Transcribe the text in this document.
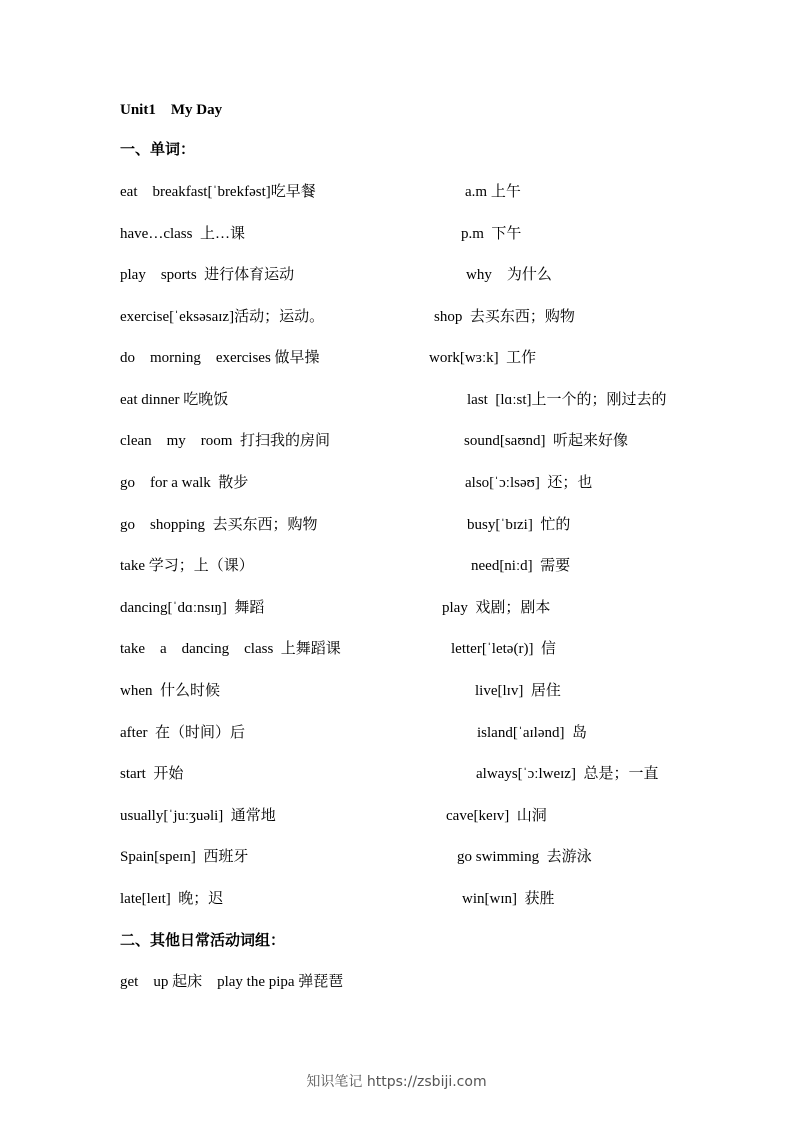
Unit1    My Day
一、单词：
eat    breakfast[ˈbrekfəst]吃早餐	a.m 上午
have…class  上…课	p.m  下午
play    sports  进行体育运动	why    为什么
exercise[ˈeksəsaɪz]活动；运动。	shop  去买东西；购物
do    morning    exercises 做早操	work[wɜːk]  工作
eat dinner 吃晚饭	last  [lɑːst]上一个的；刚过去的
clean    my    room  打扫我的房间	sound[saʊnd]  听起来好像
go    for a walk  散步	also[ˈɔːlsəʊ]  还；也
go    shopping  去买东西；购物	busy[ˈbɪzi]  忙的
take 学习；上（课）	need[niːd]  需要
dancing[ˈdɑːnsɪŋ]  舞蹈	play  戏剧；剧本
take    a    dancing    class  上舞蹈课	letter[ˈletə(r)]  信
when  什么时候	live[lɪv]  居住
after  在（时间）后	island[ˈaɪlənd]  岛
start  开始	always[ˈɔːlweɪz]  总是；一直
usually[ˈjuːʒuəli]  通常地	cave[keɪv]  山洞
Spain[speɪn]  西班牙	go swimming  去游泳
late[leɪt]  晚；迟	win[wɪn]  获胜
二、其他日常活动词组：
get    up 起床    play the pipa 弹琵琶
知识笔记 https://zsbiji.com
